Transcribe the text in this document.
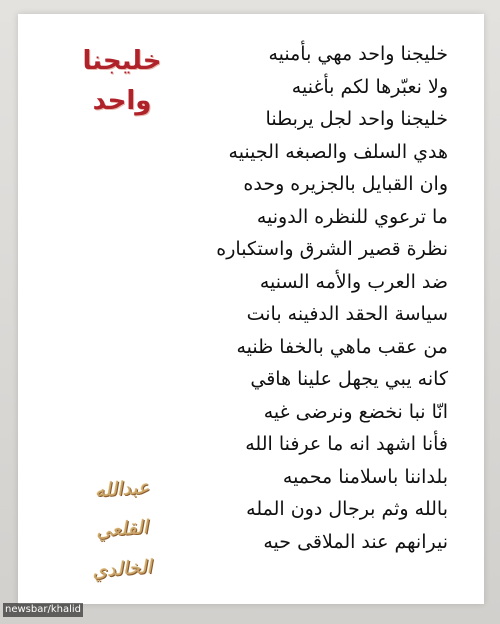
خليجنا
واحد
خليجنا واحد مهي بأمنيه
ولا نعبّرها لكم بأغنيه
خليجنا واحد لجل يربطنا
هدي السلف والصبغه الجينيه
وان القبايل بالجزيره وحده
ما ترعوي للنظره الدونيه
نظرة قصير الشرق واستكباره
ضد العرب والأمه السنيه
سياسة الحقد الدفينه بانت
من عقب ماهي بالخفا ظنيه
كانه يبي يجهل علينا هاقي
انّا نبا نخضع ونرضى غيه
فأنا اشهد انه ما عرفنا الله
بلداننا باسلامنا محميه
بالله وثم برجال دون المله
نيرانهم عند الملاقى حيه
عبدالله
القلعي
الخالدي
newsbar/khalid
